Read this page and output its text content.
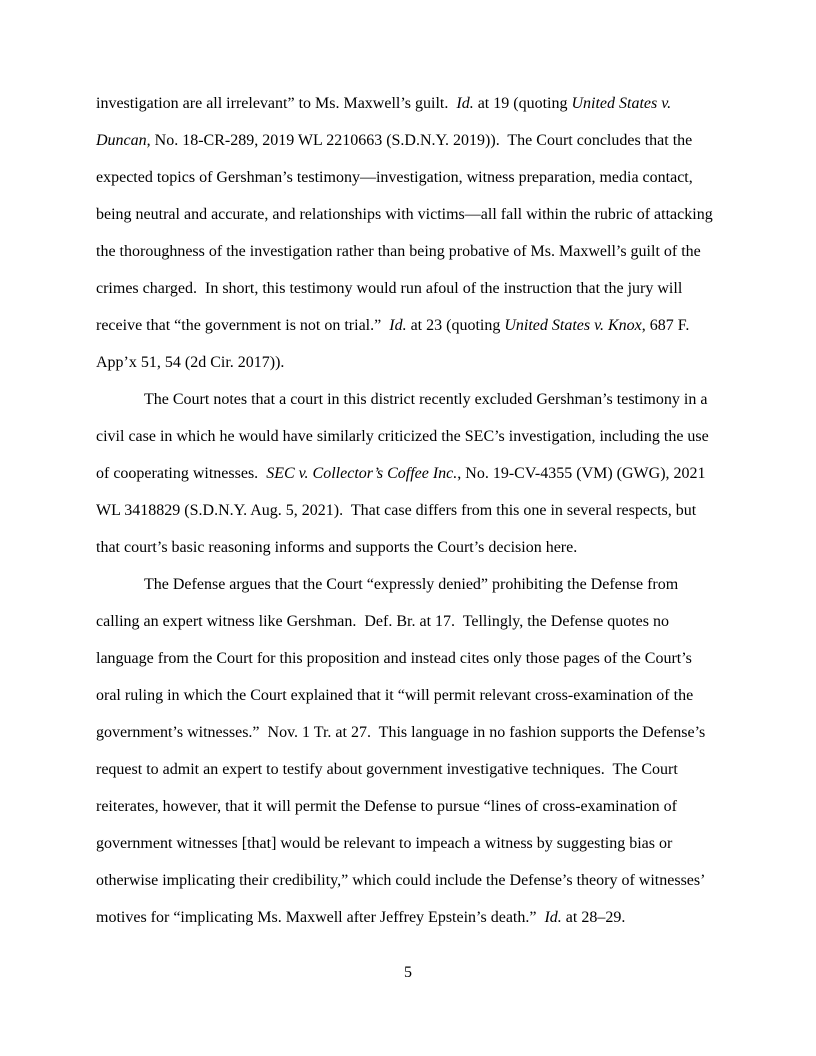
investigation are all irrelevant” to Ms. Maxwell’s guilt.  Id. at 19 (quoting United States v.
Duncan, No. 18-CR-289, 2019 WL 2210663 (S.D.N.Y. 2019)).  The Court concludes that the
expected topics of Gershman’s testimony—investigation, witness preparation, media contact,
being neutral and accurate, and relationships with victims—all fall within the rubric of attacking
the thoroughness of the investigation rather than being probative of Ms. Maxwell’s guilt of the
crimes charged.  In short, this testimony would run afoul of the instruction that the jury will
receive that “the government is not on trial.”  Id. at 23 (quoting United States v. Knox, 687 F.
App’x 51, 54 (2d Cir. 2017)).
The Court notes that a court in this district recently excluded Gershman’s testimony in a
civil case in which he would have similarly criticized the SEC’s investigation, including the use
of cooperating witnesses.  SEC v. Collector’s Coffee Inc., No. 19-CV-4355 (VM) (GWG), 2021
WL 3418829 (S.D.N.Y. Aug. 5, 2021).  That case differs from this one in several respects, but
that court’s basic reasoning informs and supports the Court’s decision here.
The Defense argues that the Court “expressly denied” prohibiting the Defense from
calling an expert witness like Gershman.  Def. Br. at 17.  Tellingly, the Defense quotes no
language from the Court for this proposition and instead cites only those pages of the Court’s
oral ruling in which the Court explained that it “will permit relevant cross-examination of the
government’s witnesses.”  Nov. 1 Tr. at 27.  This language in no fashion supports the Defense’s
request to admit an expert to testify about government investigative techniques.  The Court
reiterates, however, that it will permit the Defense to pursue “lines of cross-examination of
government witnesses [that] would be relevant to impeach a witness by suggesting bias or
otherwise implicating their credibility,” which could include the Defense’s theory of witnesses’
motives for “implicating Ms. Maxwell after Jeffrey Epstein’s death.”  Id. at 28–29.
5
